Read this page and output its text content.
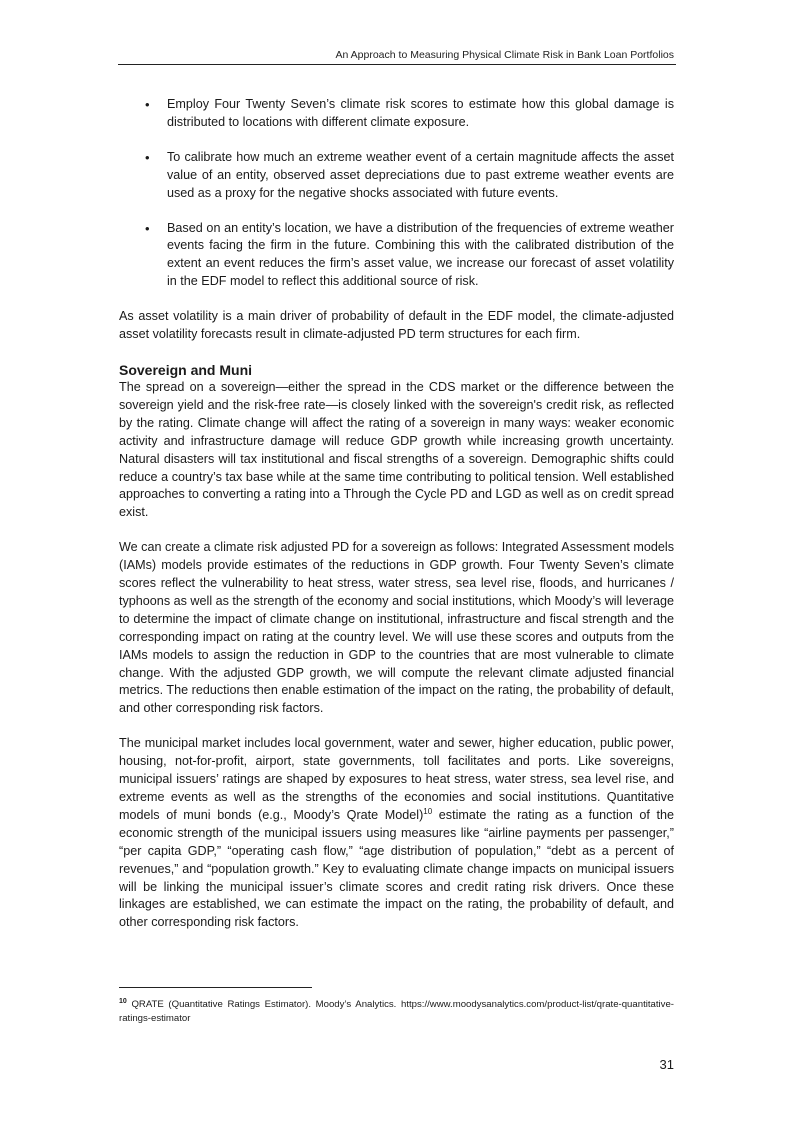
An Approach to Measuring Physical Climate Risk in Bank Loan Portfolios
• Employ Four Twenty Seven’s climate risk scores to estimate how this global damage is distributed to locations with different climate exposure.
• To calibrate how much an extreme weather event of a certain magnitude affects the asset value of an entity, observed asset depreciations due to past extreme weather events are used as a proxy for the negative shocks associated with future events.
• Based on an entity’s location, we have a distribution of the frequencies of extreme weather events facing the firm in the future. Combining this with the calibrated distribution of the extent an event reduces the firm’s asset value, we increase our forecast of asset volatility in the EDF model to reflect this additional source of risk.

As asset volatility is a main driver of probability of default in the EDF model, the climate-adjusted asset volatility forecasts result in climate-adjusted PD term structures for each firm.

Sovereign and Muni

The spread on a sovereign—either the spread in the CDS market or the difference between the sovereign yield and the risk-free rate—is closely linked with the sovereign's credit risk, as reflected by the rating. Climate change will affect the rating of a sovereign in many ways: weaker economic activity and infrastructure damage will reduce GDP growth while increasing growth uncertainty. Natural disasters will tax institutional and fiscal strengths of a sovereign. Demographic shifts could reduce a country’s tax base while at the same time contributing to political tension. Well established approaches to converting a rating into a Through the Cycle PD and LGD as well as on credit spread exist.

We can create a climate risk adjusted PD for a sovereign as follows: Integrated Assessment models (IAMs) models provide estimates of the reductions in GDP growth. Four Twenty Seven’s climate scores reflect the vulnerability to heat stress, water stress, sea level rise, floods, and hurricanes / typhoons as well as the strength of the economy and social institutions, which Moody’s will leverage to determine the impact of climate change on institutional, infrastructure and fiscal strength and the corresponding impact on rating at the country level. We will use these scores and outputs from the IAMs models to assign the reduction in GDP to the countries that are most vulnerable to climate change. With the adjusted GDP growth, we will compute the relevant climate adjusted financial metrics. The reductions then enable estimation of the impact on the rating, the probability of default, and other corresponding risk factors.

The municipal market includes local government, water and sewer, higher education, public power, housing, not-for-profit, airport, state governments, toll facilitates and ports. Like sovereigns, municipal issuers’ ratings are shaped by exposures to heat stress, water stress, sea level rise, and extreme events as well as the strengths of the economies and social institutions. Quantitative models of muni bonds (e.g., Moody’s Qrate Model)$^{10}$ estimate the rating as a function of the economic strength of the municipal issuers using measures like “airline payments per passenger,” “per capita GDP,” “operating cash flow,” “age distribution of population,” “debt as a percent of revenues,” and “population growth.” Key to evaluating climate change impacts on municipal issuers will be linking the municipal issuer’s climate scores and credit rating risk drivers. Once these linkages are established, we can estimate the impact on the rating, the probability of default, and other corresponding risk factors.

$^{10}$ QRATE (Quantitative Ratings Estimator). Moody’s Analytics. https://www.moodysanalytics.com/product-list/qrate-quantitative-ratings-estimator
31
